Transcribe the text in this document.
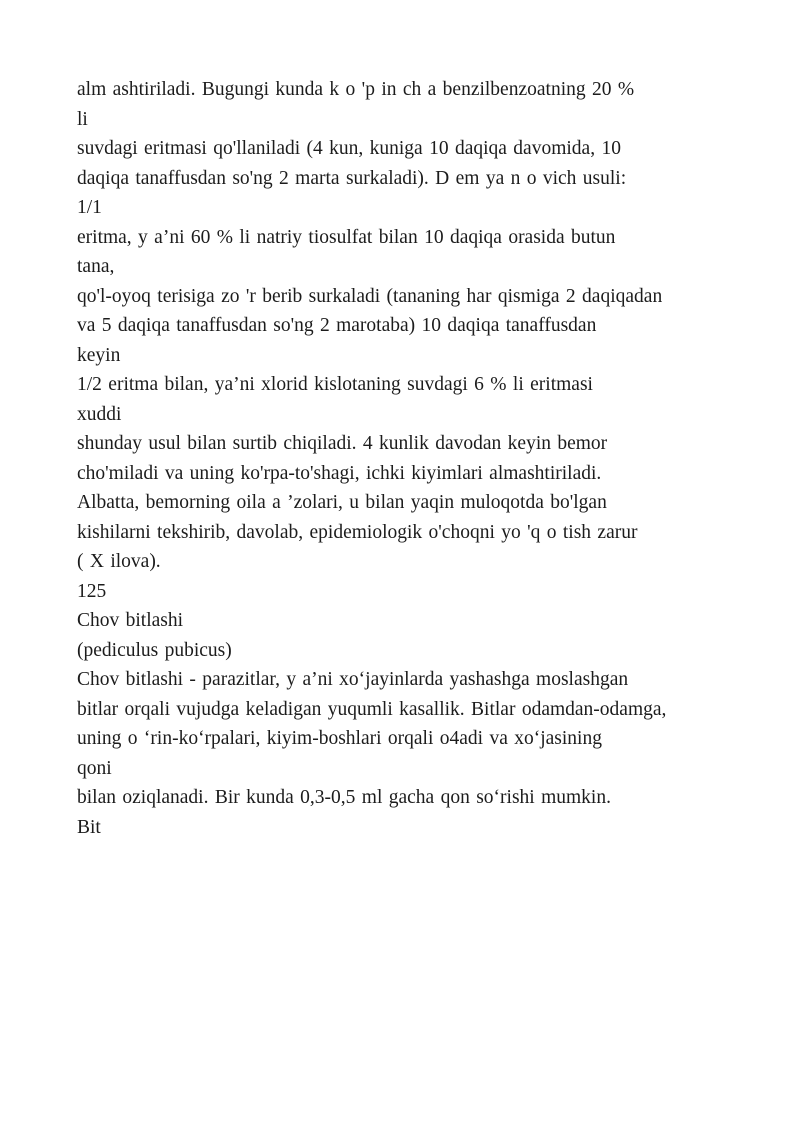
alm ashtiriladi. Bugungi kunda k o 'p in ch a benzilbenzoatning 20 %
li
suvdagi eritmasi qo'llaniladi (4 kun, kuniga 10 daqiqa davomida, 10
daqiqa tanaffusdan so'ng 2 marta surkaladi). D em ya n o vich usuli:
1/1
eritma, y a’ni 60 % li natriy tiosulfat bilan 10 daqiqa orasida butun
tana,
qo'l-oyoq terisiga zo 'r berib surkaladi (tananing har qismiga 2 daqiqadan
va 5 daqiqa tanaffusdan so'ng 2 marotaba) 10 daqiqa tanaffusdan
keyin
1/2 eritma bilan, ya’ni xlorid kislotaning suvdagi 6 % li eritmasi
xuddi
shunday usul bilan surtib chiqiladi. 4 kunlik davodan keyin bemor
cho'miladi va uning ko'rpa-to'shagi, ichki kiyimlari almashtiriladi.
Albatta, bemorning oila a ’zolari, u bilan yaqin muloqotda bo'lgan
kishilarni tekshirib, davolab, epidemiologik o'choqni yo 'q o tish zarur
( X ilova).
125
Chov bitlashi
(pediculus pubicus)
Chov bitlashi - parazitlar, y a’ni xo‘jayinlarda yashashga moslashgan
bitlar orqali vujudga keladigan yuqumli kasallik. Bitlar odamdan-odamga,
uning o ‘rin-ko‘rpalari, kiyim-boshlari orqali o4adi va xo‘jasining
qoni
bilan oziqlanadi. Bir kunda 0,3-0,5 ml gacha qon so‘rishi mumkin.
Bit
